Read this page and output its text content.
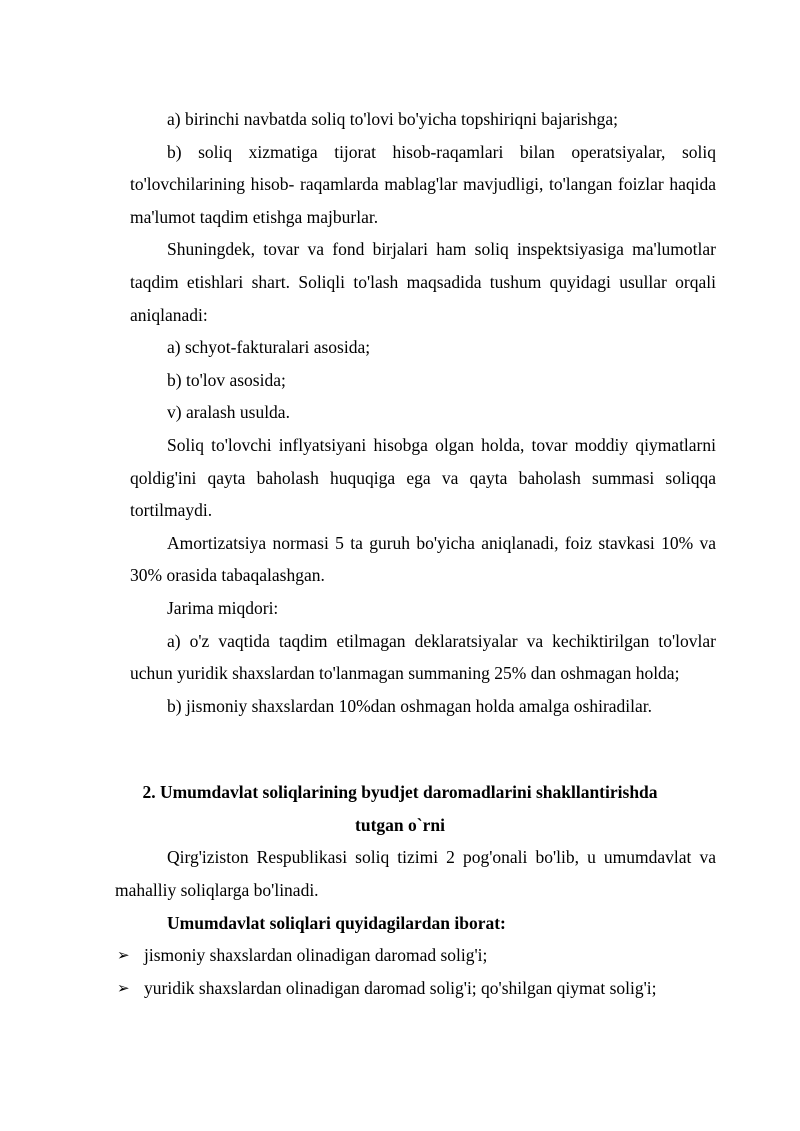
a) birinchi navbatda soliq to'lovi bo'yicha topshiriqni bajarishga;

b) soliq xizmatiga tijorat hisob-raqamlari bilan operatsiyalar, soliq to'lovchilarining hisob- raqamlarda mablag'lar mavjudligi, to'langan foizlar haqida ma'lumot taqdim etishga majburlar.

Shuningdek, tovar va fond birjalari ham soliq inspektsiyasiga ma'lumotlar taqdim etishlari shart. Soliqli to'lash maqsadida tushum quyidagi usullar orqali aniqlanadi:

a) schyot-fakturalari asosida;

b) to'lov asosida;

v) aralash usulda.

Soliq to'lovchi inflyatsiyani hisobga olgan holda, tovar moddiy qiymatlarni qoldig'ini qayta baholash huquqiga ega va qayta baholash summasi soliqqa tortilmaydi.

Amortizatsiya normasi 5 ta guruh bo'yicha aniqlanadi, foiz stavkasi 10% va 30% orasida tabaqalashgan.

Jarima miqdori:

a) o'z vaqtida taqdim etilmagan deklaratsiyalar va kechiktirilgan to'lovlar uchun yuridik shaxslardan to'lanmagan summaning 25% dan oshmagan holda;

b) jismoniy shaxslardan 10%dan oshmagan holda amalga oshiradilar.

2. Umumdavlat soliqlarining byudjet daromadlarini shakllantirishda

tutgan o`rni

Qirg'iziston Respublikasi soliq tizimi 2 pog'onali bo'lib, u umumdavlat va mahalliy soliqlarga bo'linadi.

Umumdavlat soliqlari quyidagilardan iborat:

➢ jismoniy shaxslardan olinadigan daromad solig'i;
➢ yuridik shaxslardan olinadigan daromad solig'i; qo'shilgan qiymat solig'i;
